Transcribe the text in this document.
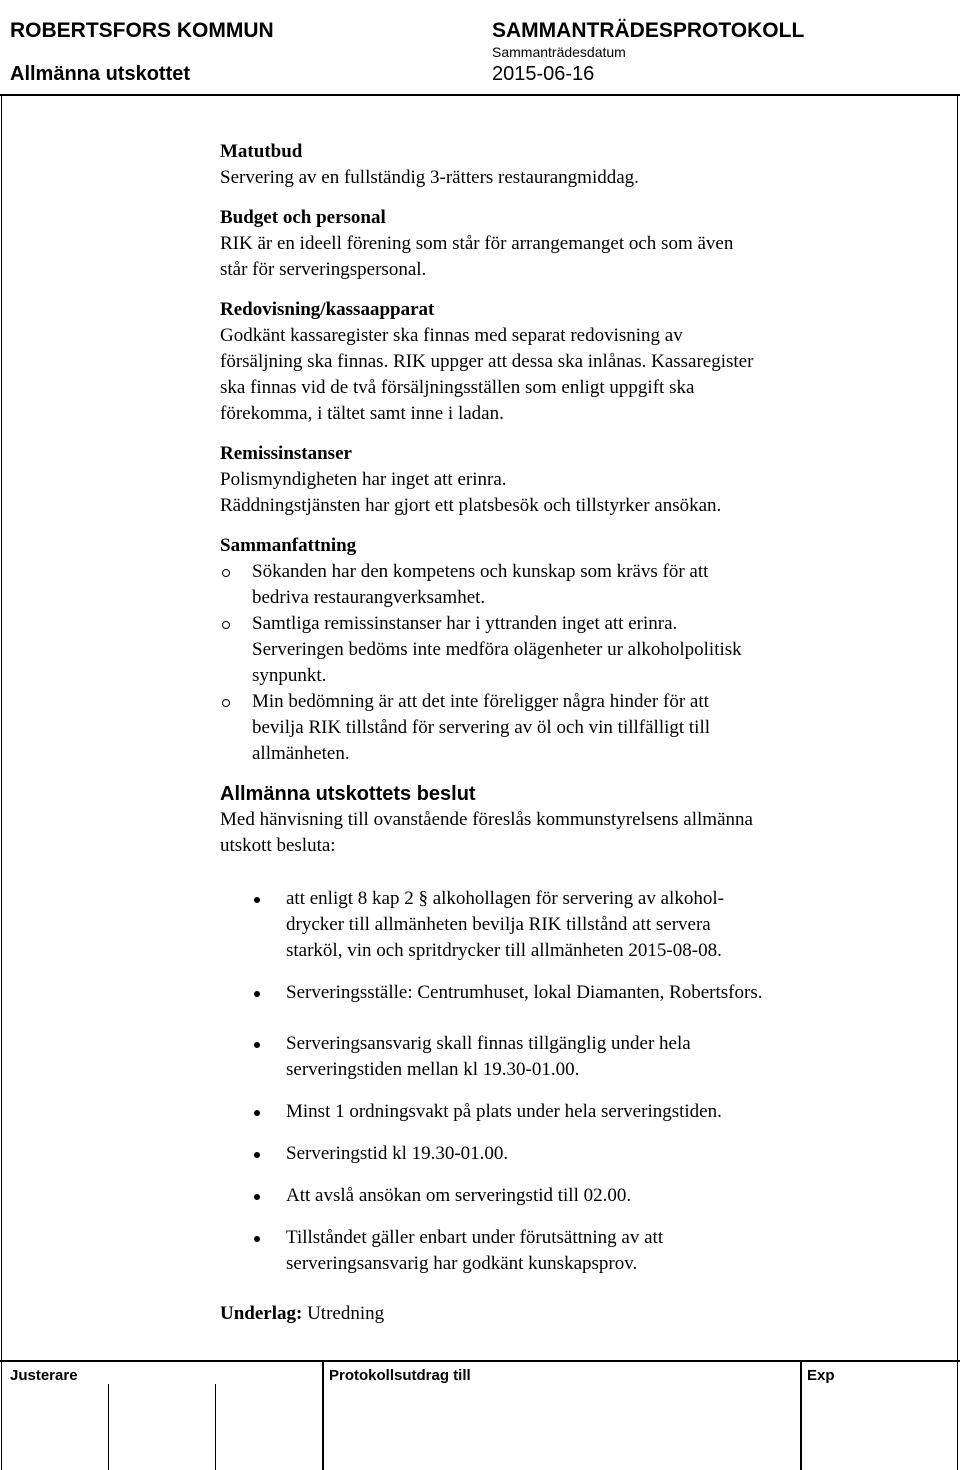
ROBERTSFORS KOMMUN	SAMMANTRÄDESPROTOKOLL
Sammanträdesdatum
Allmänna utskottet	2015-06-16
Matutbud
Servering av en fullständig 3-rätters restaurangmiddag.
Budget och personal
RIK är en ideell förening som står för arrangemanget och som även
står för serveringspersonal.
Redovisning/kassaapparat
Godkänt kassaregister ska finnas med separat redovisning av
försäljning ska finnas. RIK uppger att dessa ska inlånas. Kassaregister
ska finnas vid de två försäljningsställen som enligt uppgift ska
förekomma, i tältet samt inne i ladan.
Remissinstanser
Polismyndigheten har inget att erinra.
Räddningstjänsten har gjort ett platsbesök och tillstyrker ansökan.
Sammanfattning
Sökanden har den kompetens och kunskap som krävs för att
bedriva restaurangverksamhet.
Samtliga remissinstanser har i yttranden inget att erinra.
Serveringen bedöms inte medföra olägenheter ur alkoholpolitisk
synpunkt.
Min bedömning är att det inte föreligger några hinder för att
bevilja RIK tillstånd för servering av öl och vin tillfälligt till
allmänheten.
Allmänna utskottets beslut
Med hänvisning till ovanstående föreslås kommunstyrelsens allmänna
utskott besluta:
att enligt 8 kap 2 § alkohollagen för servering av alkohol-
drycker till allmänheten bevilja RIK tillstånd att servera
starköl, vin och spritdrycker till allmänheten 2015-08-08.
Serveringsställe: Centrumhuset, lokal Diamanten, Robertsfors.
Serveringsansvarig skall finnas tillgänglig under hela
serveringstiden mellan kl 19.30-01.00.
Minst 1 ordningsvakt på plats under hela serveringstiden.
Serveringstid kl 19.30-01.00.
Att avslå ansökan om serveringstid till 02.00.
Tillståndet gäller enbart under förutsättning av att
serveringsansvarig har godkänt kunskapsprov.
Underlag: Utredning
Justerare	Protokollsutdrag till	Exp
